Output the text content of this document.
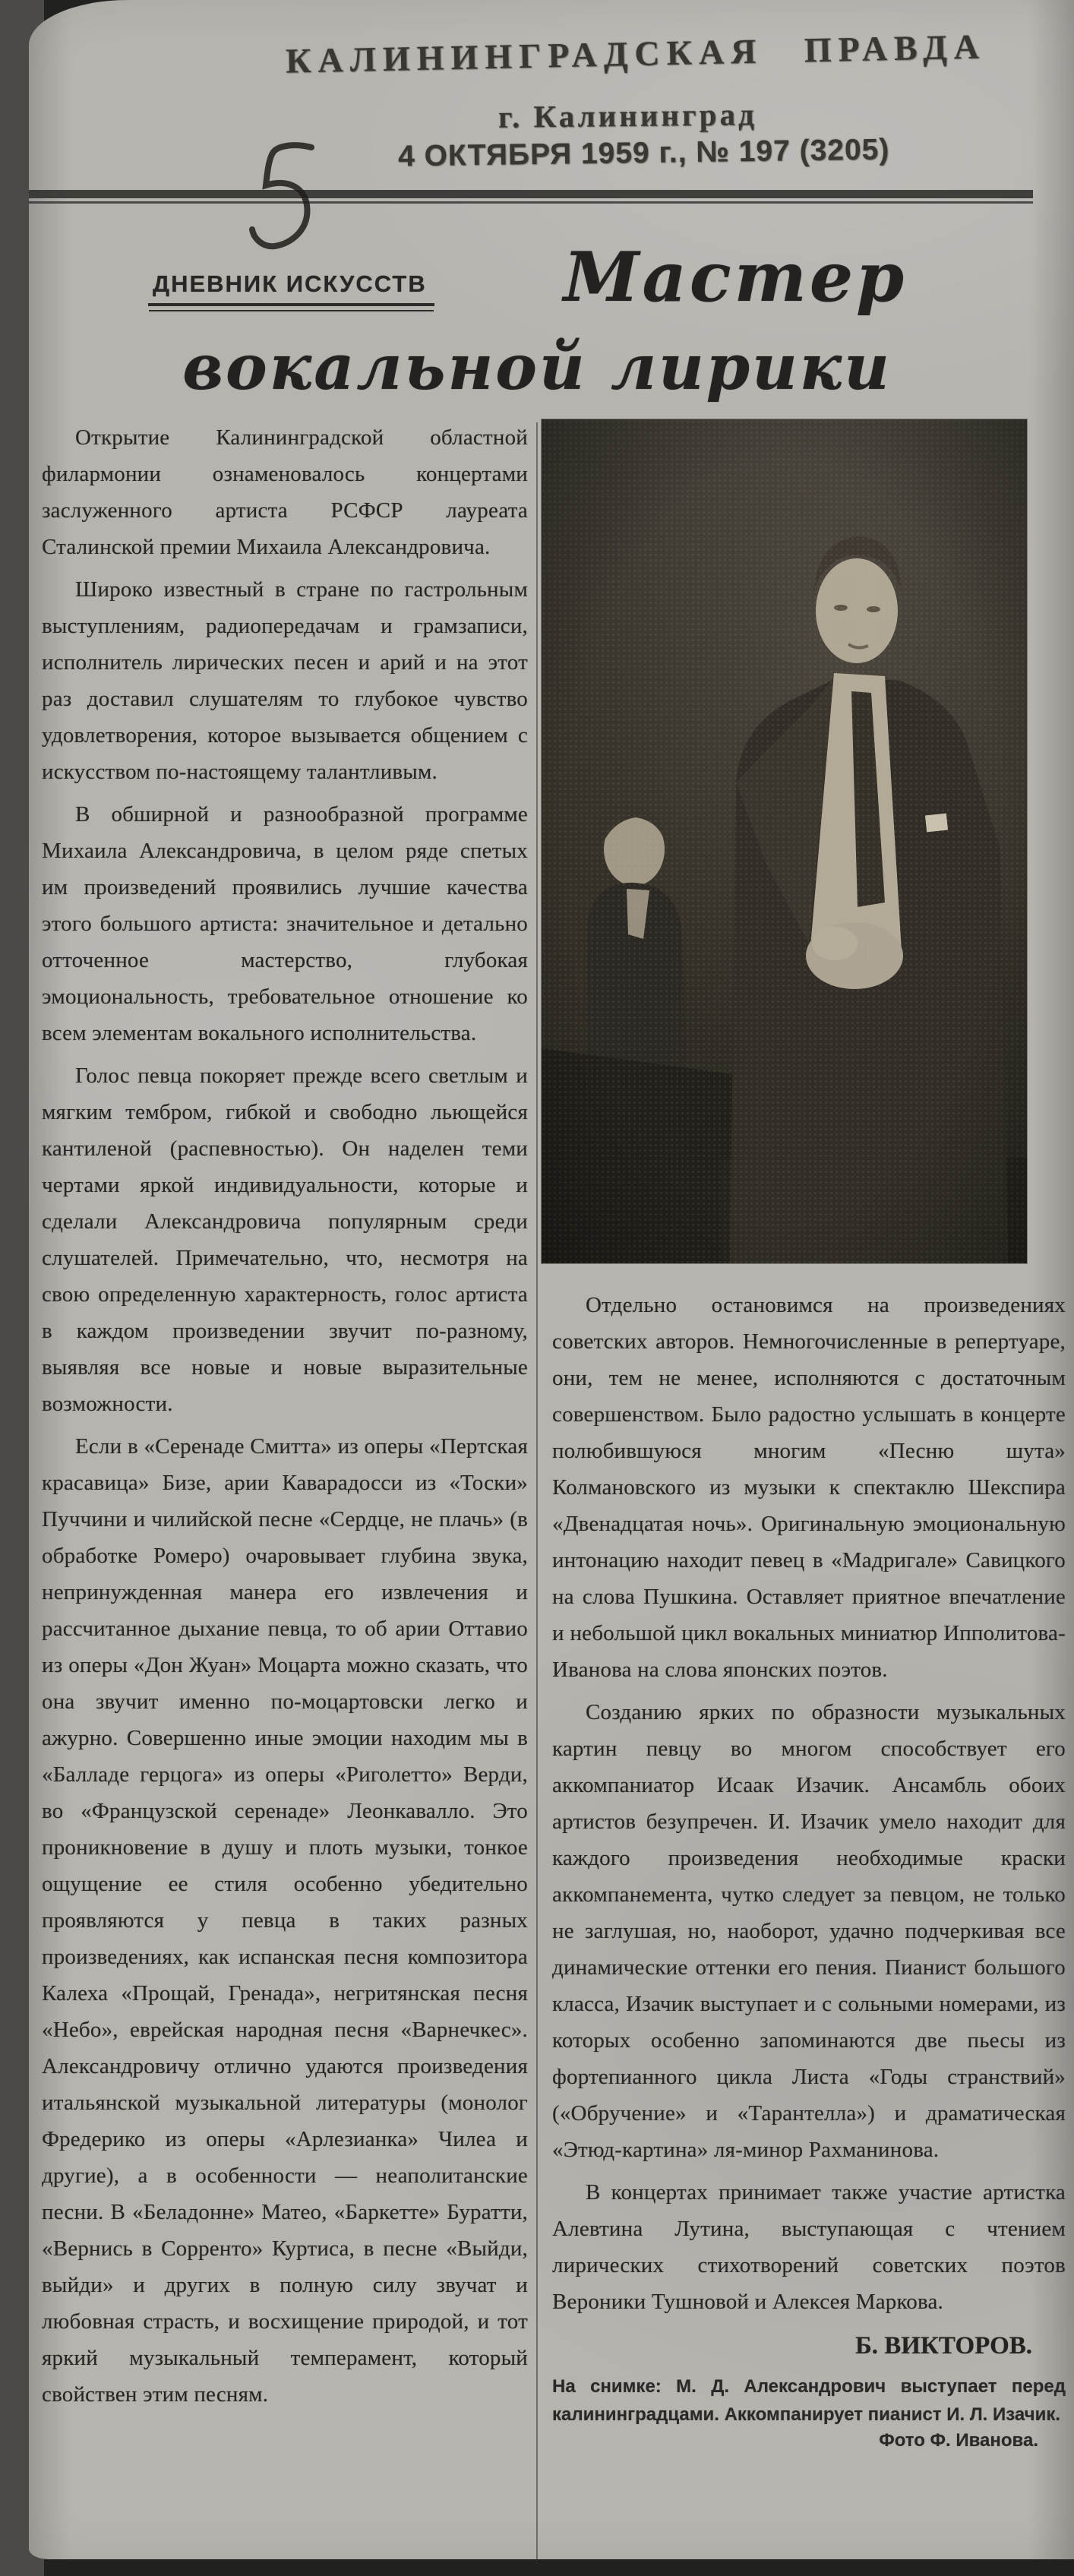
КАЛИНИНГРАДСКАЯ ПРАВДА
г. Калининград
4 ОКТЯБРЯ 1959 г., № 197 (3205)
ДНЕВНИК ИСКУССТВ Мастер
вокальной лирики

Открытие Калининградской областной филармонии ознаменовалось концертами заслуженного артиста РСФСР лауреата Сталинской премии Михаила Александровича.

Широко известный в стране по гастрольным выступлениям, радиопередачам и грамзаписи, исполнитель лирических песен и арий и на этот раз доставил слушателям то глубокое чувство удовлетворения, которое вызывается общением с искусством по-настоящему талантливым.

В обширной и разнообразной программе Михаила Александровича, в целом ряде спетых им произведений проявились лучшие качества этого большого артиста: значительное и детально отточенное мастерство, глубокая эмоциональность, требовательное отношение ко всем элементам вокального исполнительства.

Голос певца покоряет прежде всего светлым и мягким тембром, гибкой и свободно льющейся кантиленой (распевностью). Он наделен теми чертами яркой индивидуальности, которые и сделали Александровича популярным среди слушателей. Примечательно, что, несмотря на свою определенную характерность, голос артиста в каждом произведении звучит по-разному, выявляя все новые и новые выразительные возможности.

Если в «Серенаде Смитта» из оперы «Пертская красавица» Бизе, арии Каварадосси из «Тоски» Пуччини и чилийской песне «Сердце, не плачь» (в обработке Ромеро) очаровывает глубина звука, непринужденная манера его извлечения и рассчитанное дыхание певца, то об арии Оттавио из оперы «Дон Жуан» Моцарта можно сказать, что она звучит именно по-моцартовски легко и ажурно. Совершенно иные эмоции находим мы в «Балладе герцога» из оперы «Риголетто» Верди, во «Французской серенаде» Леонкавалло. Это проникновение в душу и плоть музыки, тонкое ощущение ее стиля особенно убедительно проявляются у певца в таких разных произведениях, как испанская песня композитора Калеха «Прощай, Гренада», негритянская песня «Небо», еврейская народная песня «Варнечкес». Александровичу отлично удаются произведения итальянской музыкальной литературы (монолог Фредерико из оперы «Арлезианка» Чилеа и другие), а в особенности — неаполитанские песни. В «Беладонне» Матео, «Баркетте» Буратти, «Вернись в Сорренто» Куртиса, в песне «Выйди, выйди» и других в полную силу звучат и любовная страсть, и восхищение природой, и тот яркий музыкальный темперамент, который свойствен этим песням.

Отдельно остановимся на произведениях советских авторов. Немногочисленные в репертуаре, они, тем не менее, исполняются с достаточным совершенством. Было радостно услышать в концерте полюбившуюся многим «Песню шута» Колмановского из музыки к спектаклю Шекспира «Двенадцатая ночь». Оригинальную эмоциональную интонацию находит певец в «Мадригале» Савицкого на слова Пушкина. Оставляет приятное впечатление и небольшой цикл вокальных миниатюр Ипполитова-Иванова на слова японских поэтов.

Созданию ярких по образности музыкальных картин певцу во многом способствует его аккомпаниатор Исаак Изачик. Ансамбль обоих артистов безупречен. И. Изачик умело находит для каждого произведения необходимые краски аккомпанемента, чутко следует за певцом, не только не заглушая, но, наоборот, удачно подчеркивая все динамические оттенки его пения. Пианист большого класса, Изачик выступает и с сольными номерами, из которых особенно запоминаются две пьесы из фортепианного цикла Листа «Годы странствий» («Обручение» и «Тарантелла») и драматическая «Этюд-картина» ля-минор Рахманинова.

В концертах принимает также участие артистка Алевтина Лутина, выступающая с чтением лирических стихотворений советских поэтов Вероники Тушновой и Алексея Маркова.

Б. ВИКТОРОВ.
На снимке: М. Д. Александрович выступает перед калининградцами. Аккомпанирует пианист И. Л. Изачик.
Фото Ф. Иванова.
